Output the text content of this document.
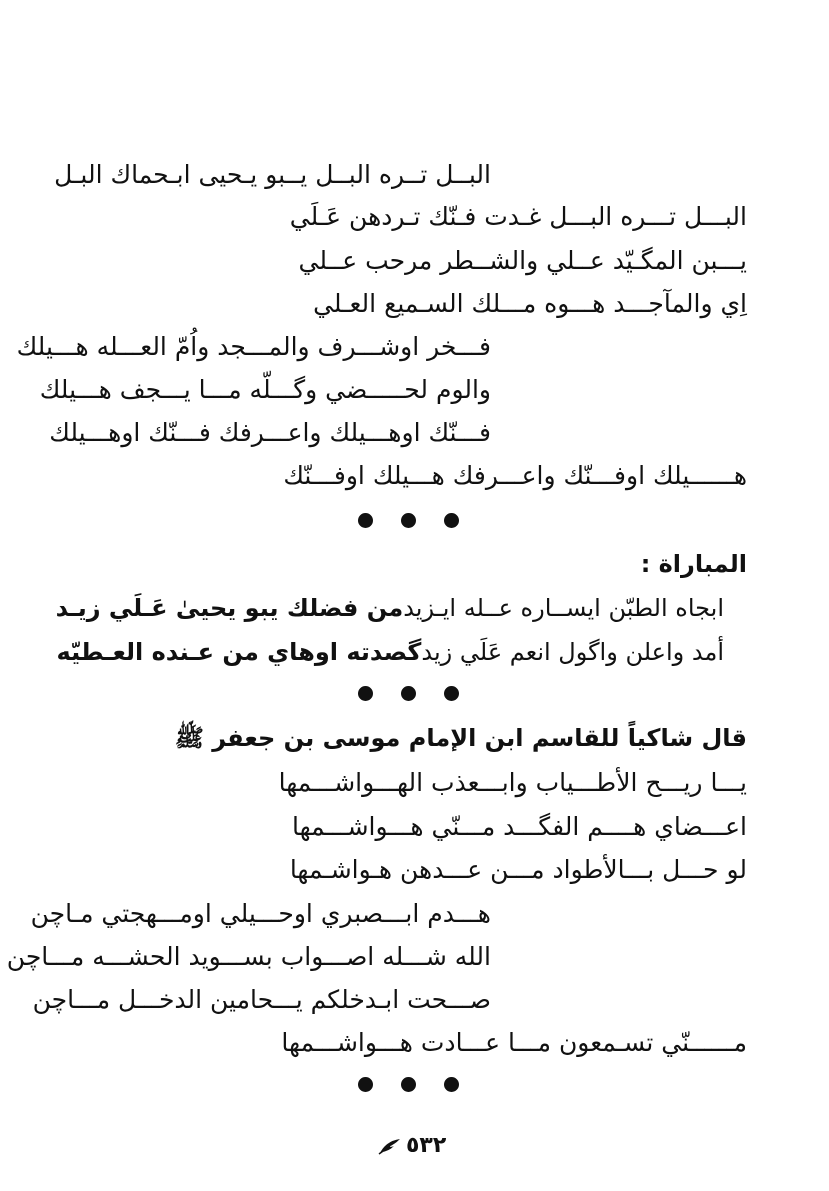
البــل تــره البــل يــبو يـحيى ابـحماك البـل

البـــل تـــره البـــل غـدت فـنّك تـردهن عَـلَي

يـــبن المگـيّد عــلي والشــطر مرحب عــلي

اِي والمآجـــد هـــوه مـــلك السـميع العـلي

فـــخر اوشـــرف والمـــجد واُمّ العـــله هـــيلك

والوم لحـــــضي وگـــلّه مـــا يـــجف هـــيلك

فـــنّك اوهـــيلك واعـــرفك فـــنّك اوهـــيلك

هــــــيلك اوفـــنّك واعـــرفك هـــيلك اوفـــنّك

المباراة :

ابجاه الطبّن ايســاره عــله ايـزيد
من فضلك يبو يحيىٰ عَـلَي زيـد
أمد واعلن واگول انعم عَلَي زيد
گصدته اوهاي من عـنده العـطيّه

قال شاكياً للقاسم ابن الإمام موسى بن جعفر ﷺ

يـــا ريـــح الأطـــياب وابـــعذب الهـــواشـــمها

اعـــضاي هــــم الفگـــد مـــنّي هـــواشـــمها

لو حـــل بـــالأطواد مـــن عـــدهن هـواشـمها

هـــدم ابـــصبري اوحـــيلي اومـــهجتي مـاچن

الله شـــله اصـــواب بســـويد الحشـــه مـــاچن

صـــحت ابـدخلكم يـــحامين الدخـــل مـــاچن

مــــــنّي تسـمعون مـــا عـــادت هـــواشـــمها

٥٣٢
